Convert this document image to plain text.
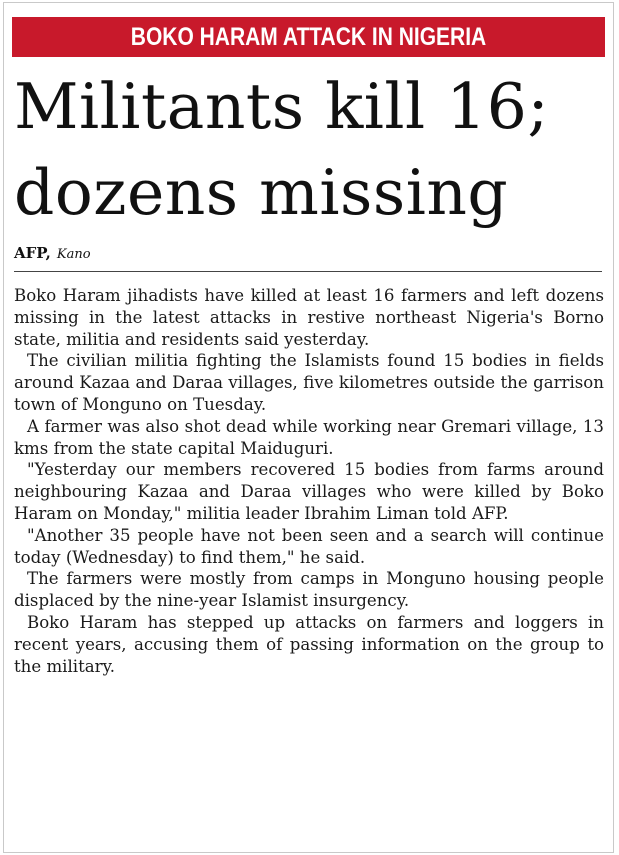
BOKO HARAM ATTACK IN NIGERIA
Militants kill 16;
dozens missing
AFP, Kano

Boko Haram jihadists have killed at least 16 farmers and left dozens missing in the latest attacks in restive northeast Nigeria's Borno state, militia and residents said yesterday.

The civilian militia fighting the Islamists found 15 bodies in fields around Kazaa and Daraa villages, five kilometres outside the garrison town of Monguno on Tuesday.

A farmer was also shot dead while working near Gremari village, 13 kms from the state capital Maiduguri.

"Yesterday our members recovered 15 bodies from farms around neighbouring Kazaa and Daraa villages who were killed by Boko Haram on Monday," militia leader Ibrahim Liman told AFP.

"Another 35 people have not been seen and a search will continue today (Wednesday) to find them," he said.

The farmers were mostly from camps in Monguno housing people displaced by the nine-year Islamist insurgency.

Boko Haram has stepped up attacks on farmers and loggers in recent years, accusing them of passing information on the group to the military.
